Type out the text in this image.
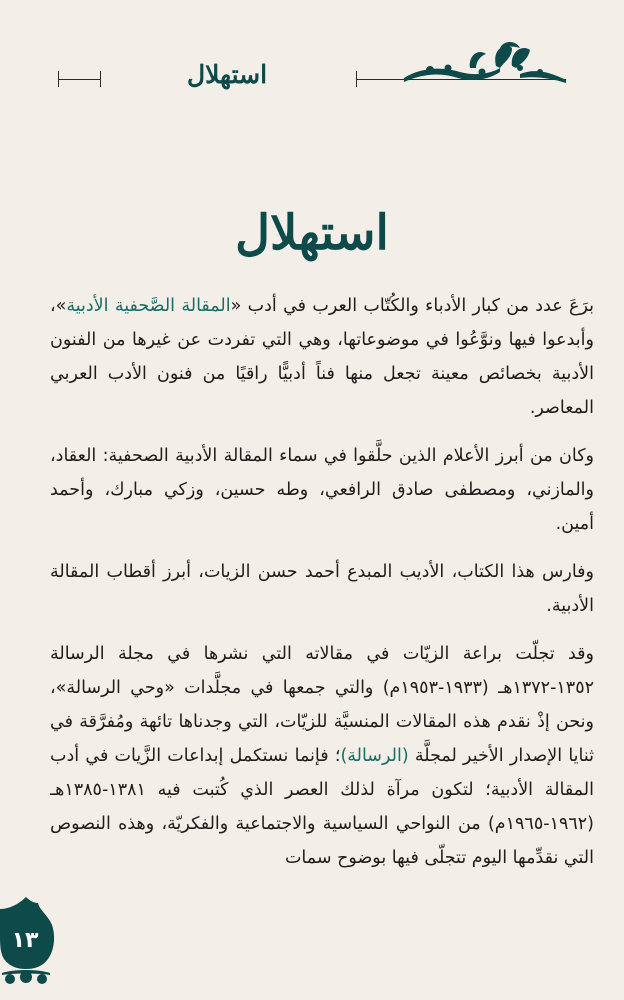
استهلال
استهلال

برَعَ عدد من كبار الأدباء والكُتّاب العرب في أدب «المقالة الصَّحفية الأدبية»، وأبدعوا فيها ونوَّعُوا في موضوعاتها، وهي التي تفردت عن غيرها من الفنون الأدبية بخصائص معينة تجعل منها فناً أدبيًّا راقيًا من فنون الأدب العربي المعاصر.

وكان من أبرز الأعلام الذين حلَّقوا في سماء المقالة الأدبية الصحفية: العقاد، والمازني، ومصطفى صادق الرافعي، وطه حسين، وزكي مبارك، وأحمد أمين.

وفارس هذا الكتاب، الأديب المبدع أحمد حسن الزيات، أبرز أقطاب المقالة الأدبية.

وقد تجلّت براعة الزيّات في مقالاته التي نشرها في مجلة الرسالة ١٣٥٢-١٣٧٢هـ (١٩٣٣-١٩٥٣م) والتي جمعها في مجلَّدات «وحي الرسالة»، ونحن إذْ نقدم هذه المقالات المنسيَّة للزيّات، التي وجدناها تائهة ومُفرَّقة في ثنايا الإصدار الأخير لمجلَّة (الرسالة)؛ فإنما نستكمل إبداعات الزَّيات في أدب المقالة الأدبية؛ لتكون مرآة لذلك العصر الذي كُتبت فيه ١٣٨١-١٣٨٥هـ (١٩٦٢-١٩٦٥م) من النواحي السياسية والاجتماعية والفكريّة، وهذه النصوص التي نقدِّمها اليوم تتجلّى فيها بوضوح سمات

١٣
